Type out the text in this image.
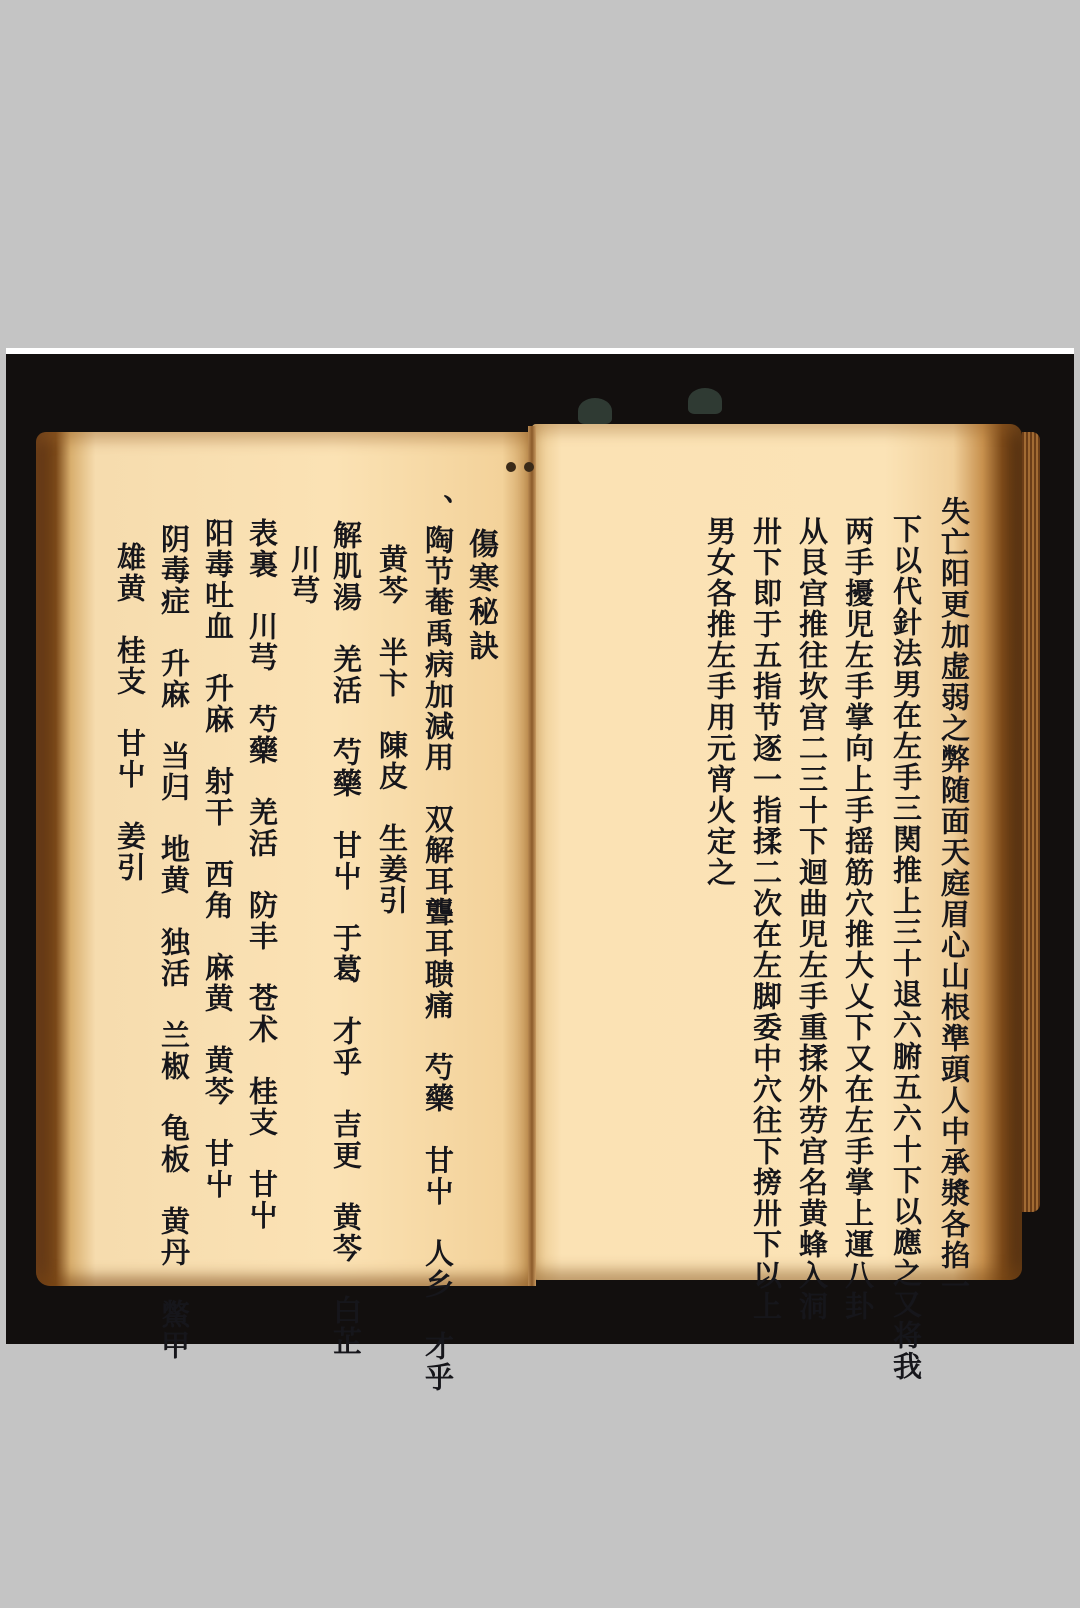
失亡阳更加虚弱之弊随面天庭眉心山根準頭人中承漿各掐一
下以代針法男在左手三関推上三十退六腑五六十下以應之又将我
两手擾児左手掌向上手揺筋穴推大乂下又在左手掌上運八卦
从艮宫推往坎宫二三十下迴曲児左手重揉外劳宫名黄蜂入洞
卅下即于五指节逐一指揉二次在左脚委中穴往下搒卅下以上
男女各推左手用元宵火定之
傷寒秘訣
、陶节菴禹病加減用　双解耳聾耳聩痛　芍藥　甘屮　人乡　才乎
黄芩　半卞　陳皮　生姜引
解肌湯　羌活　芍藥　甘屮　于葛　才乎　吉更　黄芩　白芷
川芎
表裏　川芎　芍藥　羌活　防丰　苍术　桂支　甘屮
阳毒吐血　升麻　射干　西角　麻黄　黄芩　甘屮
阴毒症　升麻　当归　地黄　独活　兰椒　龟板　黄丹　鱉甲
雄黄　桂支　甘屮　姜引
